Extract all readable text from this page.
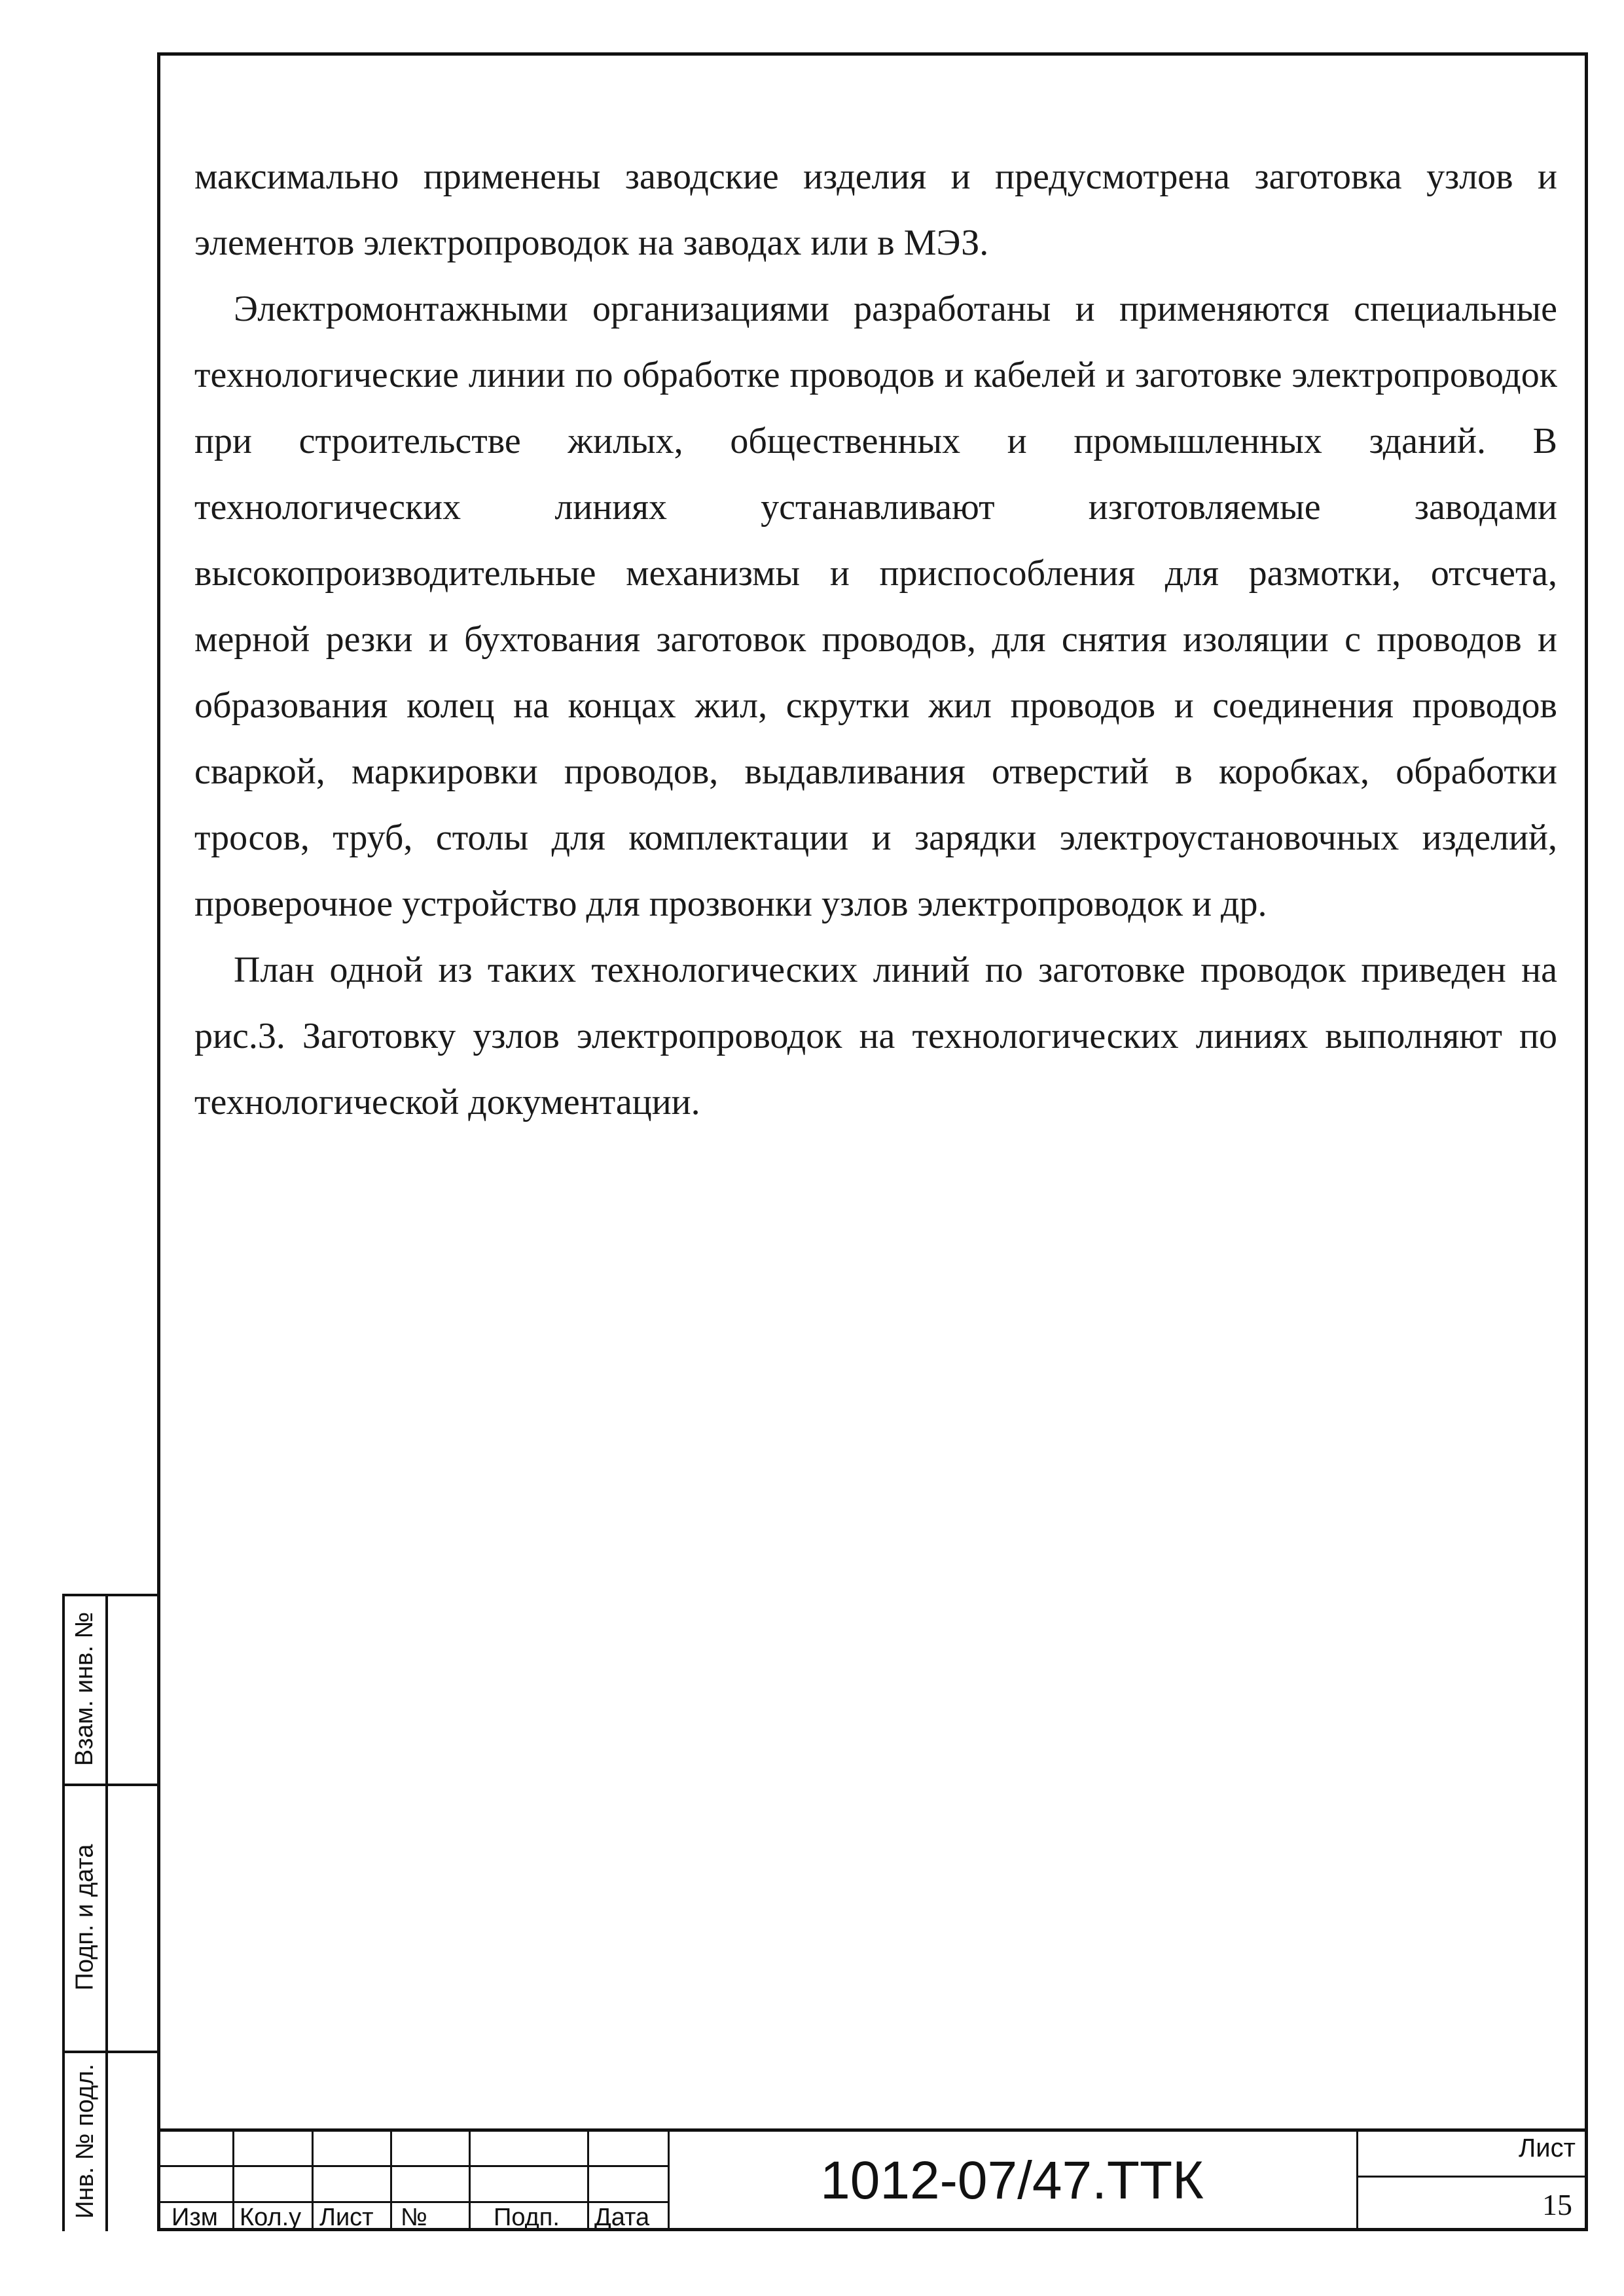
максимально применены заводские изделия и предусмотрена заготовка узлов и элементов электропроводок на заводах или в МЭЗ.

Электромонтажными организациями разработаны и применяются специальные технологические линии по обработке проводов и кабелей и заготовке электропроводок при строительстве жилых, общественных и промышленных зданий. В технологических линиях устанавливают изготовляемые заводами высокопроизводительные механизмы и приспособления для размотки, отсчета, мерной резки и бухтования заготовок проводов, для снятия изоляции с проводов и образования колец на концах жил, скрутки жил проводов и соединения проводов сваркой, маркировки проводов, выдавливания отверстий в коробках, обработки тросов, труб, столы для комплектации и зарядки электроустановочных изделий, проверочное устройство для прозвонки узлов электропроводок и др.

План одной из таких технологических линий по заготовке проводок приведен на рис.3. Заготовку узлов электропроводок на технологических линиях выполняют по технологической документации.

Взам. инв. №
Подп. и дата
Инв. № подл.	Изм Кол.у Лист №	Подп. Дата
1012-07/47.ТТК
Лист
15
